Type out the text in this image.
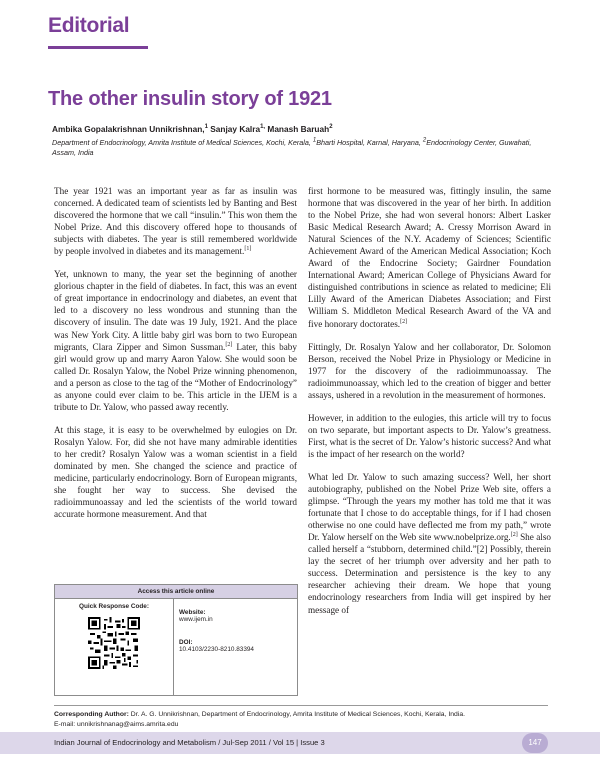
Editorial
The other insulin story of 1921
Ambika Gopalakrishnan Unnikrishnan,$^1$ Sanjay Kalra$^{1,}$ Manash Baruah$^2$
Department of Endocrinology, Amrita Institute of Medical Sciences, Kochi, Kerala, $^1$Bharti Hospital, Karnal, Haryana, $^2$Endocrinology Center, Guwahati, Assam, India

The year 1921 was an important year as far as insulin was concerned. A dedicated team of scientists led by Banting and Best discovered the hormone that we call “insulin.” This won them the Nobel Prize. And this discovery offered hope to thousands of subjects with diabetes. The year is still remembered worldwide by people involved in diabetes and its management.[1]

Yet, unknown to many, the year set the beginning of another glorious chapter in the field of diabetes. In fact, this was an event of great importance in endocrinology and diabetes, an event that led to a discovery no less wondrous and stunning than the discovery of insulin. The date was 19 July, 1921. And the place was New York City. A little baby girl was born to two European migrants, Clara Zipper and Simon Sussman.[2] Later, this baby girl would grow up and marry Aaron Yalow. She would soon be called Dr. Rosalyn Yalow, the Nobel Prize winning phenomenon, and a person as close to the tag of the “Mother of Endocrinology” as anyone could ever claim to be. This article in the IJEM is a tribute to Dr. Yalow, who passed away recently.

At this stage, it is easy to be overwhelmed by eulogies on Dr. Rosalyn Yalow. For, did she not have many admirable identities to her credit? Rosalyn Yalow was a woman scientist in a field dominated by men. She changed the science and practice of medicine, particularly endocrinology. Born of European migrants, she fought her way to success. She devised the radioimmunoassay and led the scientists of the world toward accurate hormone measurement. And that

first hormone to be measured was, fittingly insulin, the same hormone that was discovered in the year of her birth. In addition to the Nobel Prize, she had won several honors: Albert Lasker Basic Medical Research Award; A. Cressy Morrison Award in Natural Sciences of the N.Y. Academy of Sciences; Scientific Achievement Award of the American Medical Association; Koch Award of the Endocrine Society; Gairdner Foundation International Award; American College of Physicians Award for distinguished contributions in science as related to medicine; Eli Lilly Award of the American Diabetes Association; and First William S. Middleton Medical Research Award of the VA and five honorary doctorates.[2]

Fittingly, Dr. Rosalyn Yalow and her collaborator, Dr. Solomon Berson, received the Nobel Prize in Physiology or Medicine in 1977 for the discovery of the radioimmunoassay. The radioimmunoassay, which led to the creation of bigger and better assays, ushered in a revolution in the measurement of hormones.

However, in addition to the eulogies, this article will try to focus on two separate, but important aspects to Dr. Yalow’s greatness. First, what is the secret of Dr. Yalow’s historic success? And what is the impact of her research on the world?

What led Dr. Yalow to such amazing success? Well, her short autobiography, published on the Nobel Prize Web site, offers a glimpse. “Through the years my mother has told me that it was fortunate that I chose to do acceptable things, for if I had chosen otherwise no one could have deflected me from my path,” wrote Dr. Yalow herself on the Web site www.nobelprize.org.[2] She also called herself a “stubborn, determined child.”[2] Possibly, therein lay the secret of her triumph over adversity and her path to success. Determination and persistence is the key to any researcher achieving their dream. We hope that young endocrinology researchers from India will get inspired by her message of

Access this article online
Quick Response Code:
Website:
www.ijem.in
DOI:
10.4103/2230-8210.83394
Corresponding Author: Dr. A. G. Unnikrishnan, Department of Endocrinology, Amrita Institute of Medical Sciences, Kochi, Kerala, India.
E-mail: unnikrishnanag@aims.amrita.edu
Indian Journal of Endocrinology and Metabolism / Jul-Sep 2011 / Vol 15 | Issue 3	147
